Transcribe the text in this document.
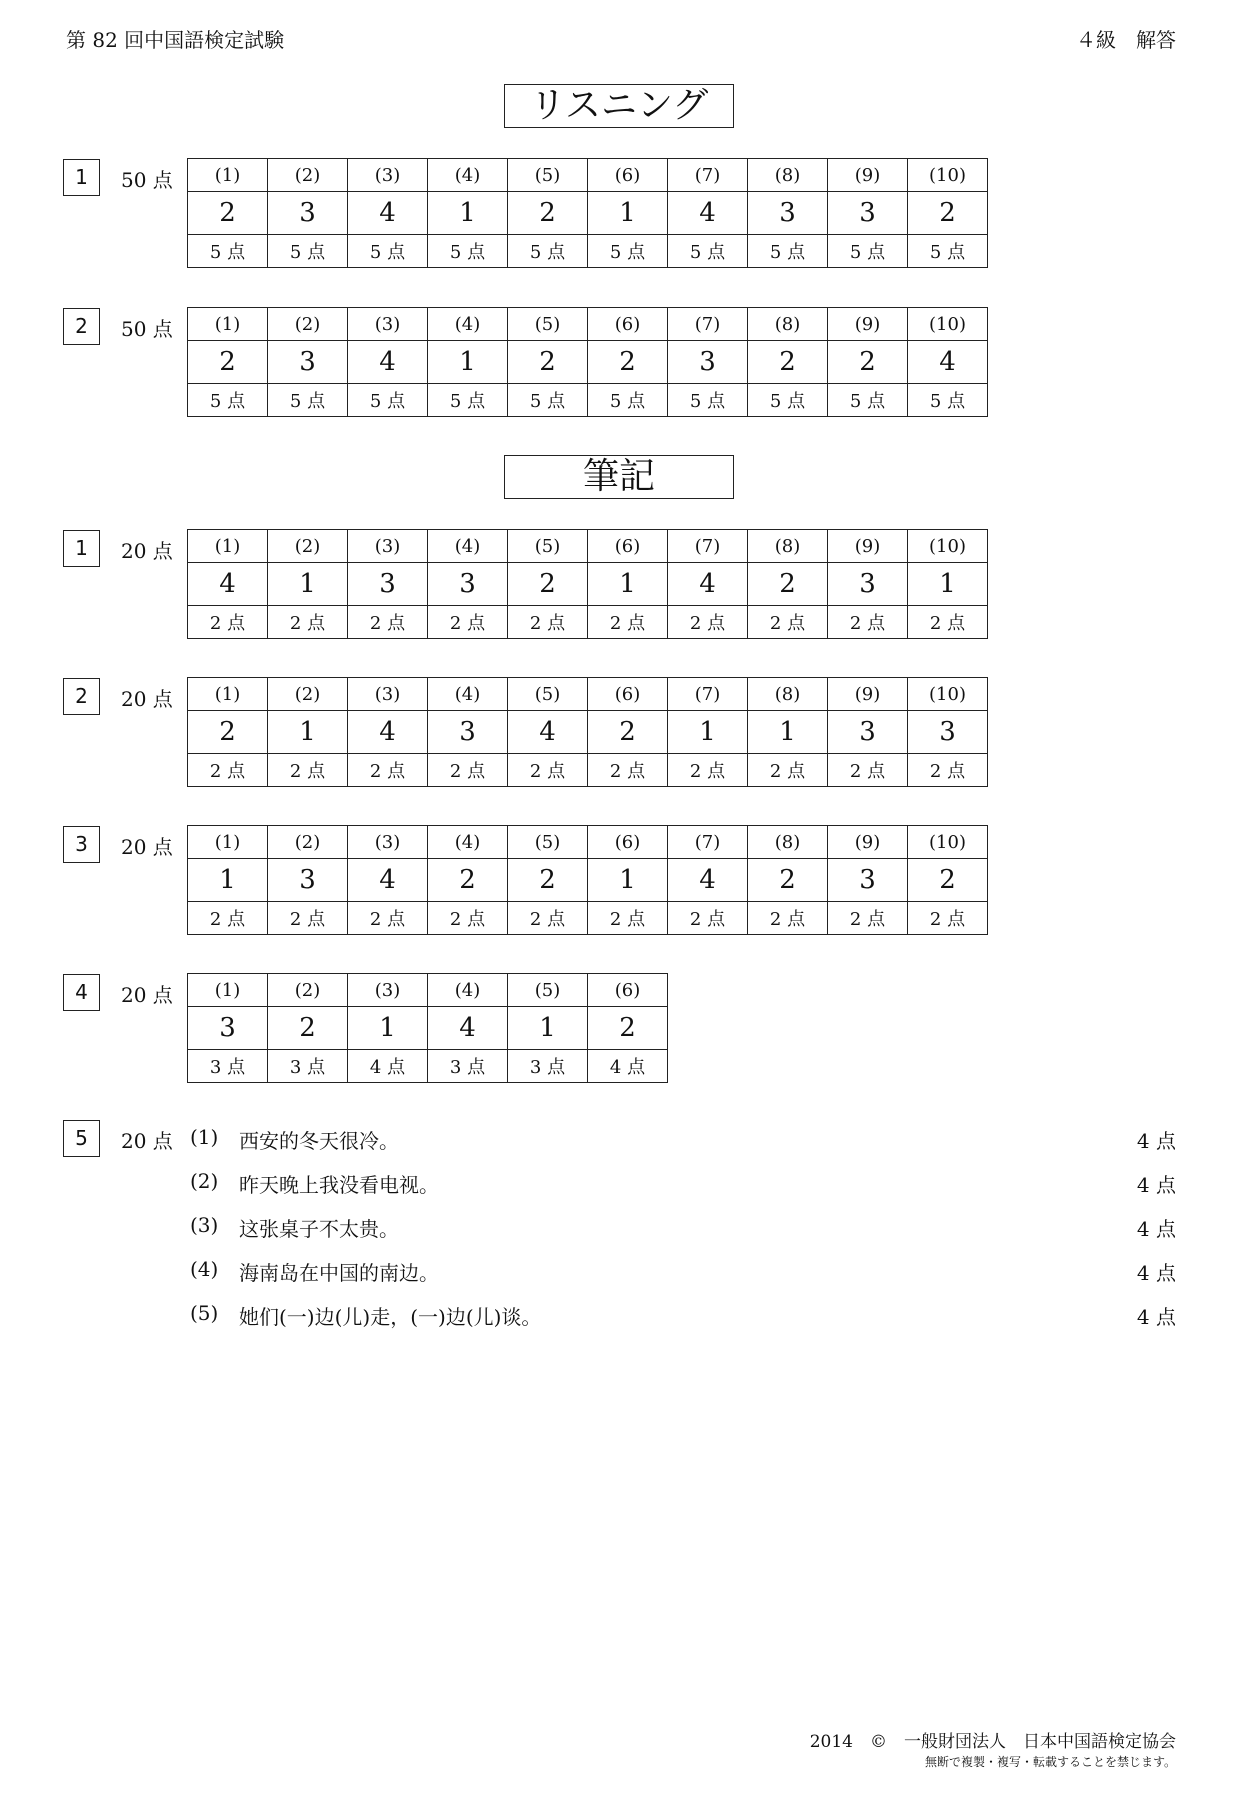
第 82 回中国語検定試験	４級　解答
リスニング
筆記
1	50 点 (1)	(2)	(3)	(4)	(5)	(6)	(7)	(8)	(9)	(10)
2	3	4	1	2	1	4	3	3	2
5 点	5 点	5 点	5 点	5 点	5 点	5 点	5 点	5 点	5 点
2	50 点 (1)	(2)	(3)	(4)	(5)	(6)	(7)	(8)	(9)	(10)
2	3	4	1	2	2	3	2	2	4
5 点	5 点	5 点	5 点	5 点	5 点	5 点	5 点	5 点	5 点
1	20 点 (1)	(2)	(3)	(4)	(5)	(6)	(7)	(8)	(9)	(10)
4	1	3	3	2	1	4	2	3	1
2 点	2 点	2 点	2 点	2 点	2 点	2 点	2 点	2 点	2 点
2	20 点 (1)	(2)	(3)	(4)	(5)	(6)	(7)	(8)	(9)	(10)
2	1	4	3	4	2	1	1	3	3
2 点	2 点	2 点	2 点	2 点	2 点	2 点	2 点	2 点	2 点
3	20 点 (1)	(2)	(3)	(4)	(5)	(6)	(7)	(8)	(9)	(10)
1	3	4	2	2	1	4	2	3	2
2 点	2 点	2 点	2 点	2 点	2 点	2 点	2 点	2 点	2 点
4	20 点 (1)	(2)	(3)	(4)	(5)	(6)
3	2	1	4	1	2
3 点	3 点	4 点	3 点	3 点	4 点
5	20 点 (1) 西安的冬天很冷。	4 点
(2) 昨天晚上我没看电视。	4 点
(3) 这张桌子不太贵。	4 点
(4) 海南岛在中国的南边。	4 点
(5) 她们(一)边(儿)走，(一)边(儿)谈。	4 点
2014　©　一般財団法人　日本中国語検定協会
無断で複製・複写・転載することを禁じます。
